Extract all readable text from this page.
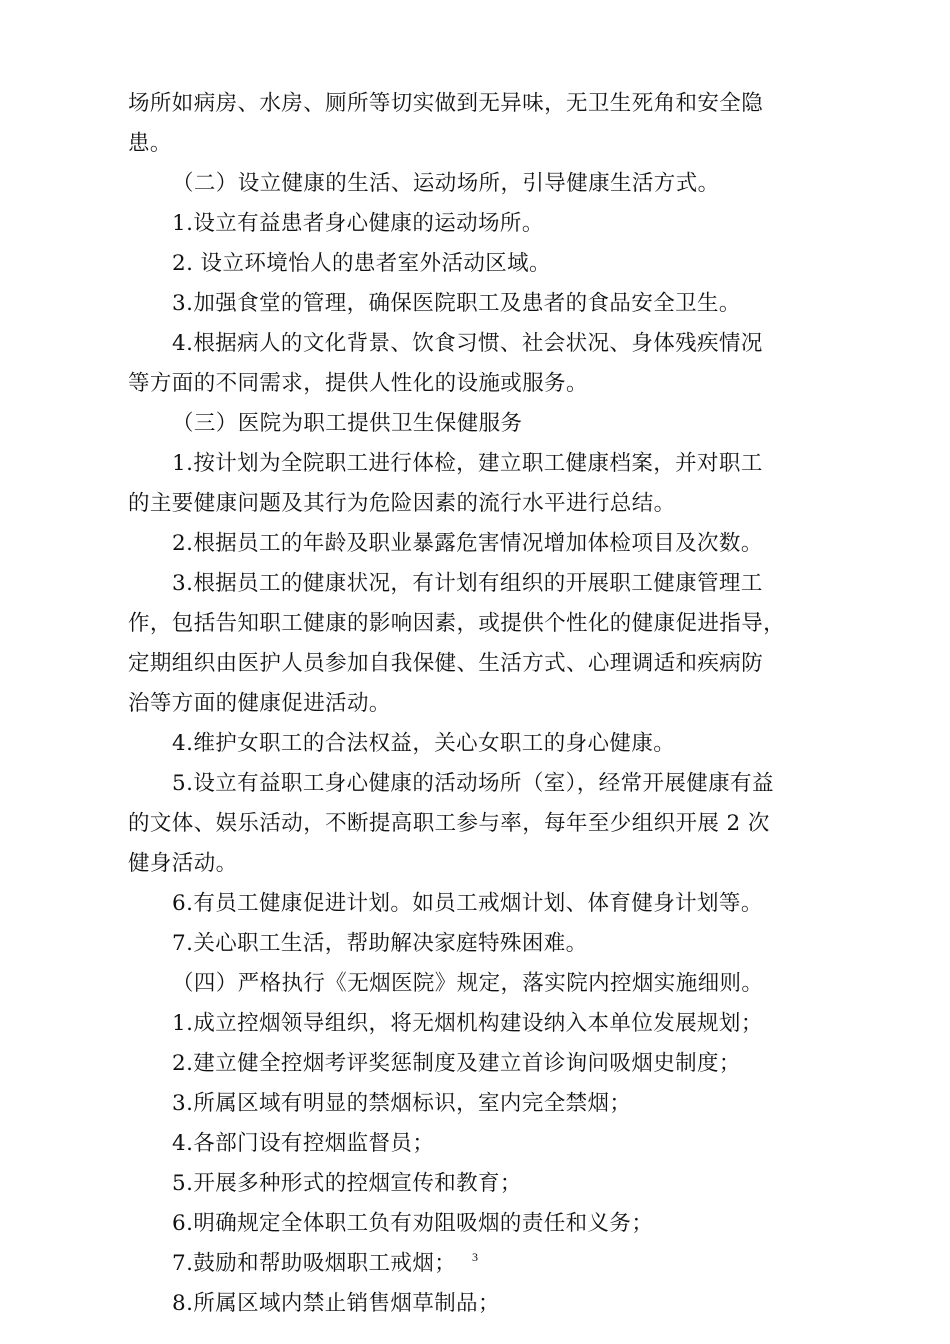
场所如病房、水房、厕所等切实做到无异味，无卫生死角和安全隐
患。
（二）设立健康的生活、运动场所，引导健康生活方式。
1.设立有益患者身心健康的运动场所。
2. 设立环境怡人的患者室外活动区域。
3.加强食堂的管理，确保医院职工及患者的食品安全卫生。
4.根据病人的文化背景、饮食习惯、社会状况、身体残疾情况
等方面的不同需求，提供人性化的设施或服务。
（三）医院为职工提供卫生保健服务
1.按计划为全院职工进行体检，建立职工健康档案，并对职工
的主要健康问题及其行为危险因素的流行水平进行总结。
2.根据员工的年龄及职业暴露危害情况增加体检项目及次数。
3.根据员工的健康状况，有计划有组织的开展职工健康管理工
作，包括告知职工健康的影响因素，或提供个性化的健康促进指导，
定期组织由医护人员参加自我保健、生活方式、心理调适和疾病防
治等方面的健康促进活动。
4.维护女职工的合法权益，关心女职工的身心健康。
5.设立有益职工身心健康的活动场所（室），经常开展健康有益
的文体、娱乐活动，不断提高职工参与率，每年至少组织开展 2 次
健身活动。
6.有员工健康促进计划。如员工戒烟计划、体育健身计划等。
7.关心职工生活，帮助解决家庭特殊困难。
（四）严格执行《无烟医院》规定，落实院内控烟实施细则。
1.成立控烟领导组织，将无烟机构建设纳入本单位发展规划；
2.建立健全控烟考评奖惩制度及建立首诊询问吸烟史制度；
3.所属区域有明显的禁烟标识，室内完全禁烟；
4.各部门设有控烟监督员；
5.开展多种形式的控烟宣传和教育；
6.明确规定全体职工负有劝阻吸烟的责任和义务；
7.鼓励和帮助吸烟职工戒烟；
8.所属区域内禁止销售烟草制品；
3
